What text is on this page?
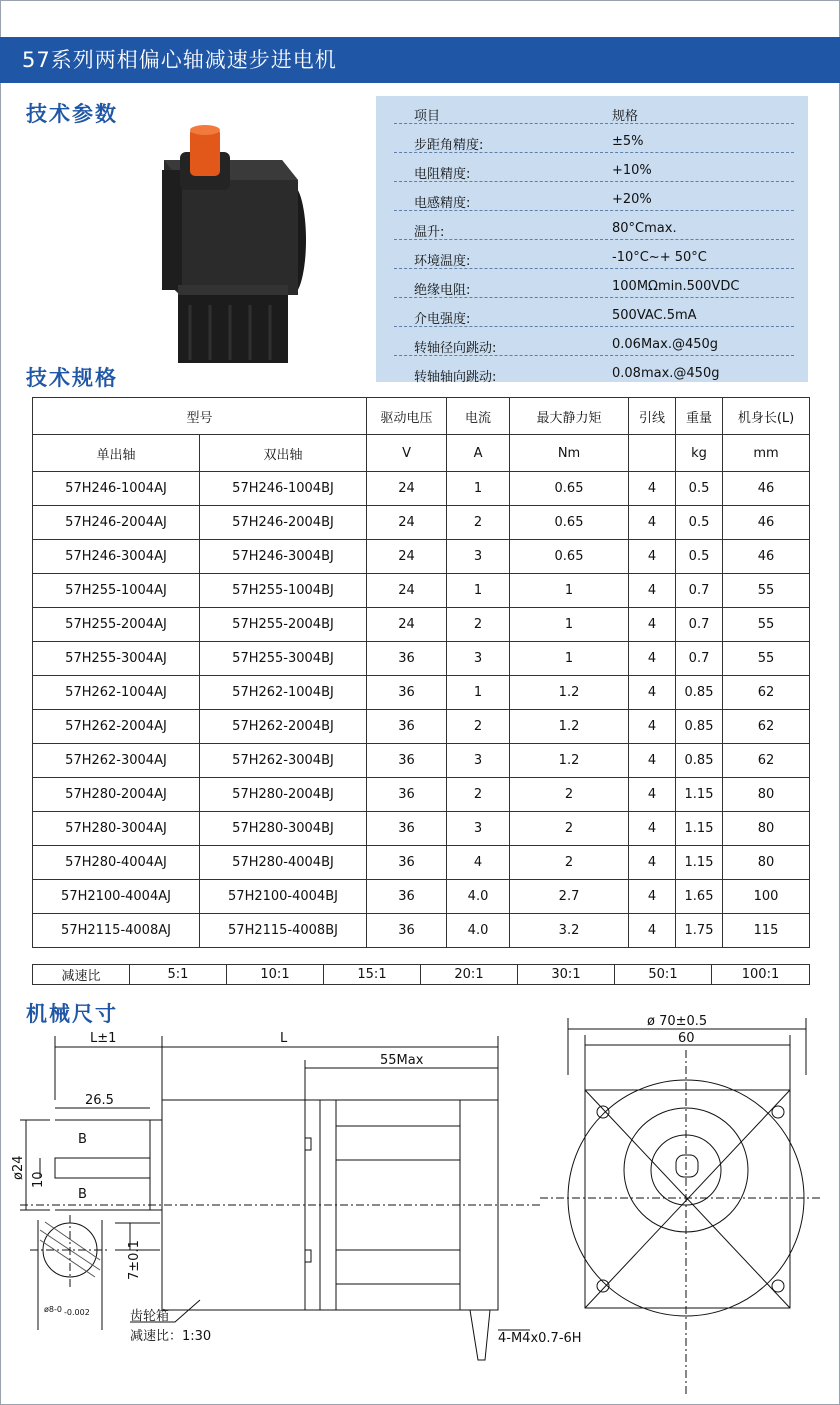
57系列两相偏心轴减速步进电机
技术参数
技术规格
机械尺寸
项目	规格
步距角精度:	±5%
电阻精度:	+10%
电感精度:	+20%
温升:	80°Cmax.
环境温度:	-10°C~+ 50°C
绝缘电阻:	100MΩmin.500VDC
介电强度:	500VAC.5mA
转轴径向跳动:	0.06Max.@450g
转轴轴向跳动:	0.08max.@450g
型号		驱动电压	电流	最大静力矩	引线	重量	机身长(L)
单出轴	双出轴	V	A	Nm		kg	mm
57H246-1004AJ	57H246-1004BJ	24	1	0.65	4	0.5	46
57H246-2004AJ	57H246-2004BJ	24	2	0.65	4	0.5	46
57H246-3004AJ	57H246-3004BJ	24	3	0.65	4	0.5	46
57H255-1004AJ	57H255-1004BJ	24	1	1	4	0.7	55
57H255-2004AJ	57H255-2004BJ	24	2	1	4	0.7	55
57H255-3004AJ	57H255-3004BJ	36	3	1	4	0.7	55
57H262-1004AJ	57H262-1004BJ	36	1	1.2	4	0.85	62
57H262-2004AJ	57H262-2004BJ	36	2	1.2	4	0.85	62
57H262-3004AJ	57H262-3004BJ	36	3	1.2	4	0.85	62
57H280-2004AJ	57H280-2004BJ	36	2	2	4	1.15	80
57H280-3004AJ	57H280-3004BJ	36	3	2	4	1.15	80
57H280-4004AJ	57H280-4004BJ	36	4	2	4	1.15	80
57H2100-4004AJ	57H2100-4004BJ	36	4.0	2.7	4	1.65	100
57H2115-4008AJ	57H2115-4008BJ	36	4.0	3.2	4	1.75	115
减速比	5:1	10:1	15:1	20:1	30:1	50:1	100:1
L±1	L
55Max
26.5
ø24 10
B
B
7±0.1
ø8-0 -0.002	齿轮箱
减速比：1:30
ø 70±0.5
60
4-M4x0.7-6H
